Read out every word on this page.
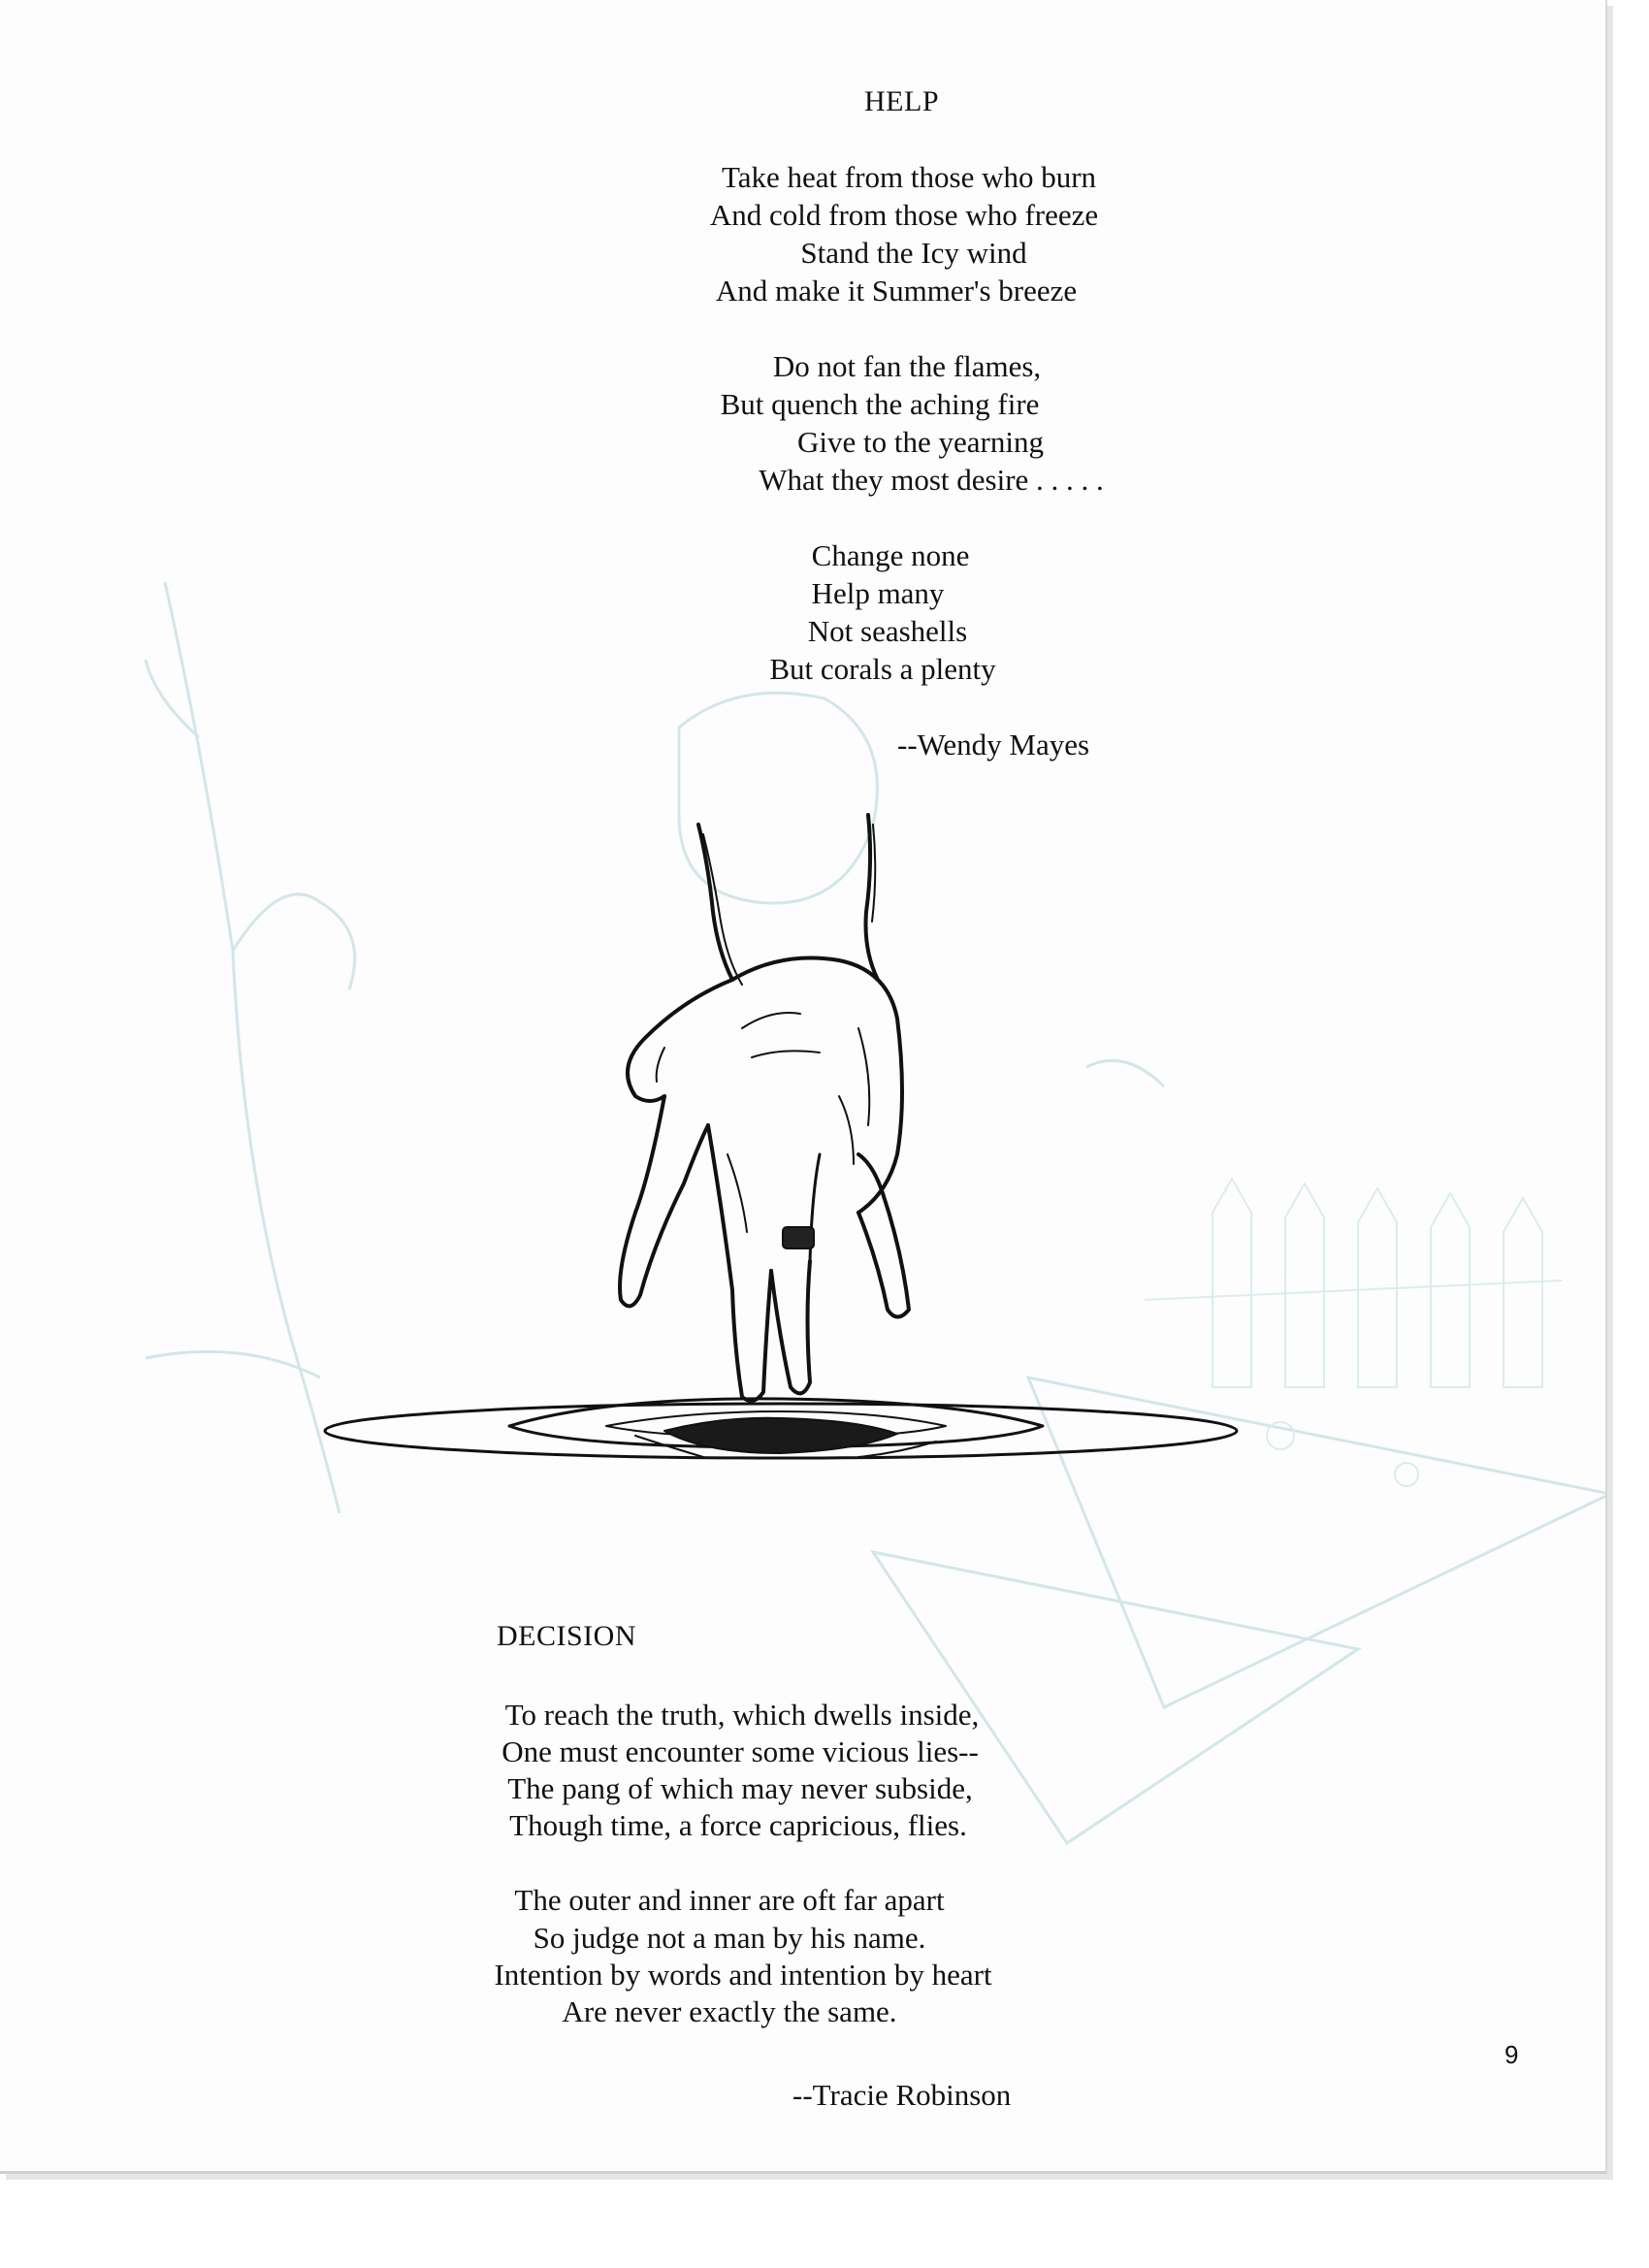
HELP
Take heat from those who burn
And cold from those who freeze
Stand the Icy wind
And make it Summer's breeze
Do not fan the flames,
But quench the aching fire
Give to the yearning
What they most desire . . . . .
Change none
Help many
Not seashells
But corals a plenty
--Wendy Mayes
DECISION
To reach the truth, which dwells inside,
One must encounter some vicious lies--
The pang of which may never subside,
Though time, a force capricious, flies.
The outer and inner are oft far apart
So judge not a man by his name.
Intention by words and intention by heart
Are never exactly the same.
--Tracie Robinson
9
